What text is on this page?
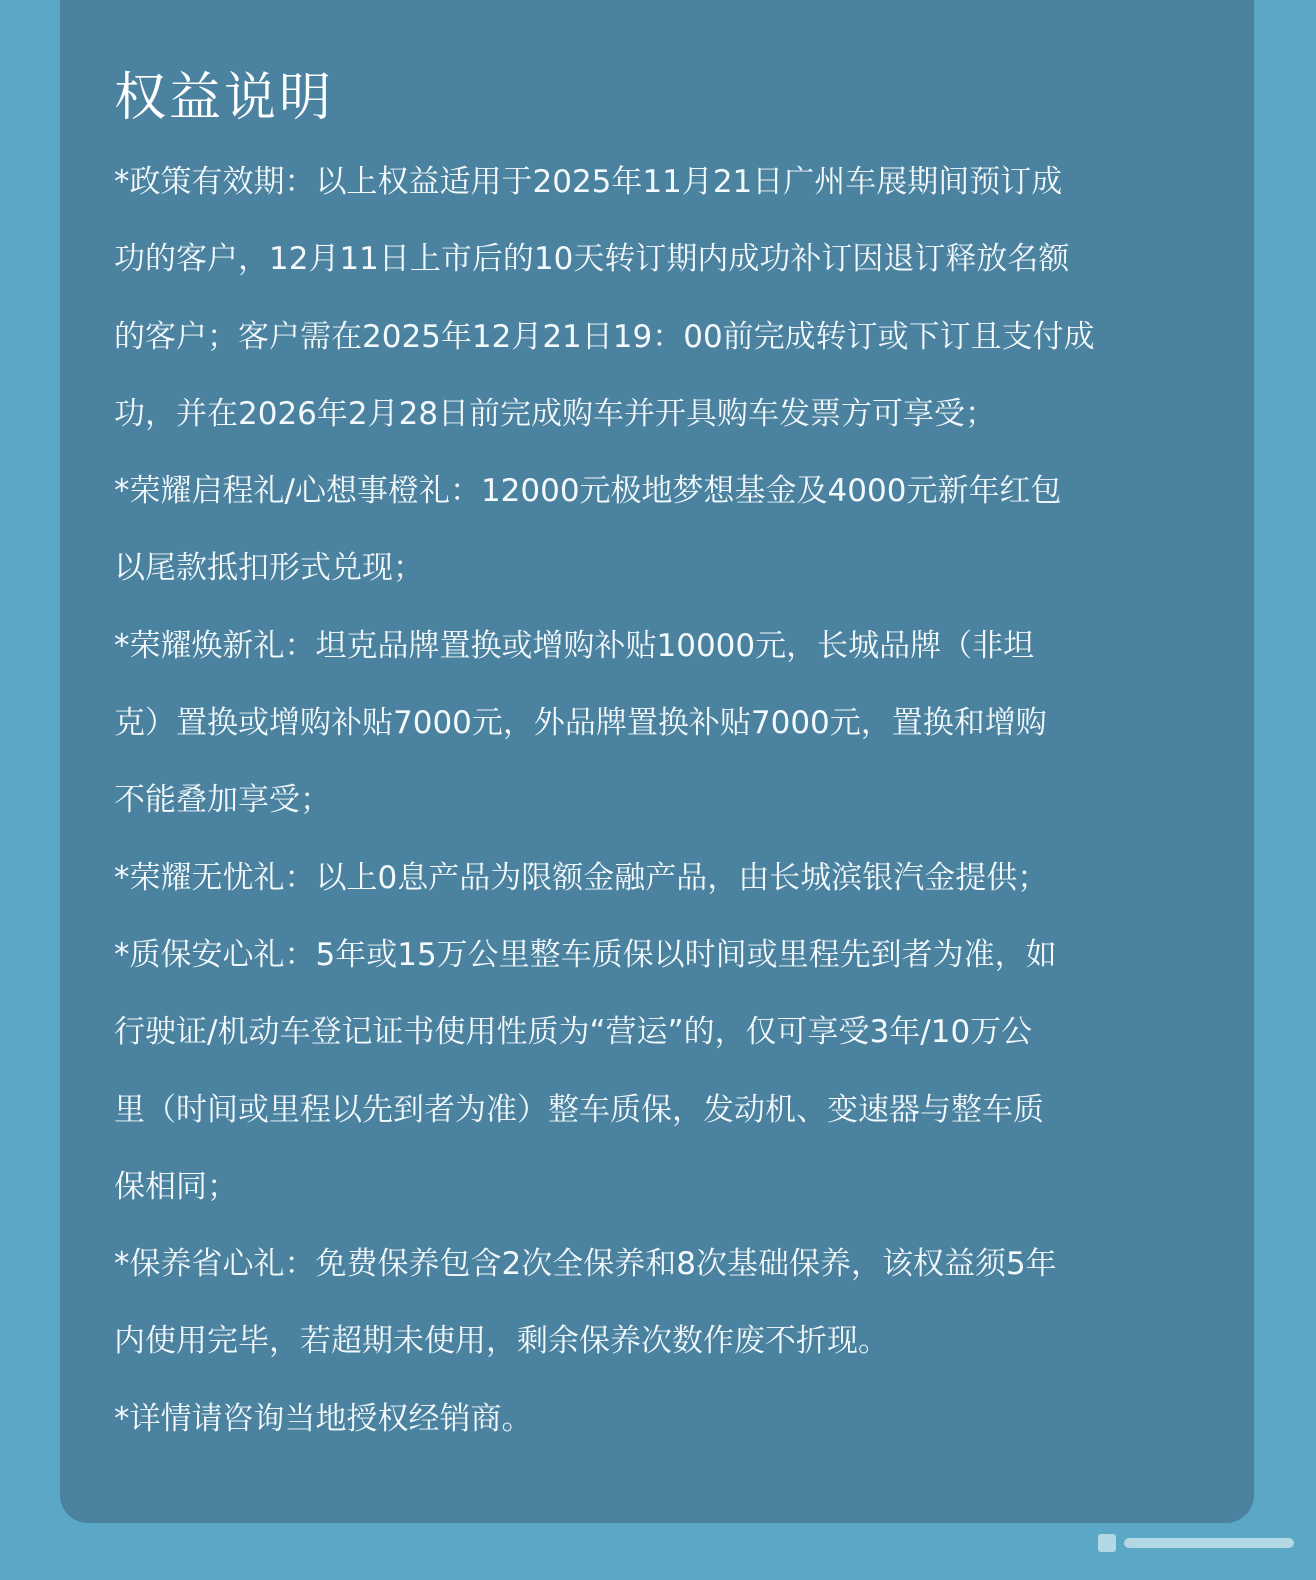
权益说明
*政策有效期：以上权益适用于2025年11月21日广州车展期间预订成
功的客户，12月11日上市后的10天转订期内成功补订因退订释放名额
的客户；客户需在2025年12月21日19：00前完成转订或下订且支付成
功，并在2026年2月28日前完成购车并开具购车发票方可享受；
*荣耀启程礼/心想事橙礼：12000元极地梦想基金及4000元新年红包
以尾款抵扣形式兑现；
*荣耀焕新礼：坦克品牌置换或增购补贴10000元，长城品牌（非坦
克）置换或增购补贴7000元，外品牌置换补贴7000元，置换和增购
不能叠加享受；
*荣耀无忧礼：以上0息产品为限额金融产品，由长城滨银汽金提供；
*质保安心礼：5年或15万公里整车质保以时间或里程先到者为准，如
行驶证/机动车登记证书使用性质为“营运”的，仅可享受3年/10万公
里（时间或里程以先到者为准）整车质保，发动机、变速器与整车质
保相同；
*保养省心礼：免费保养包含2次全保养和8次基础保养，该权益须5年
内使用完毕，若超期未使用，剩余保养次数作废不折现。
*详情请咨询当地授权经销商。
